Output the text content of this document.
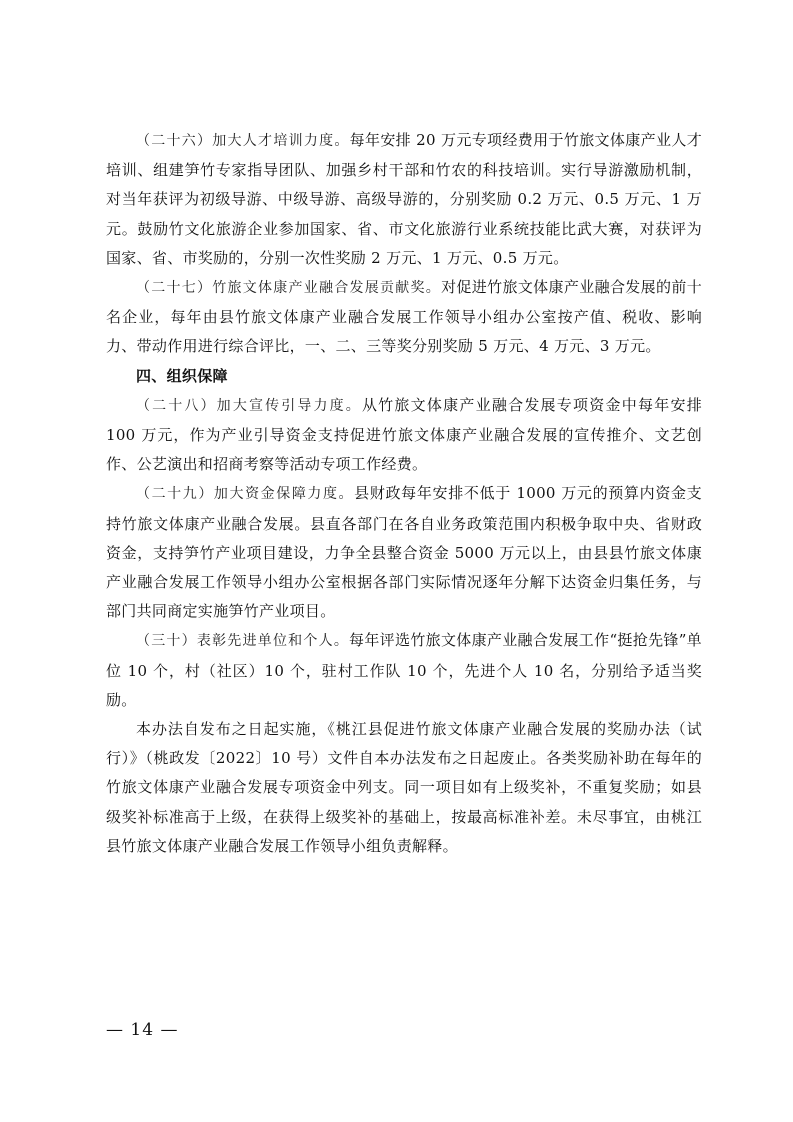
（二十六）加大人才培训力度。每年安排 20 万元专项经费用于竹旅文体康产业人才培训、组建笋竹专家指导团队、加强乡村干部和竹农的科技培训。实行导游激励机制，对当年获评为初级导游、中级导游、高级导游的，分别奖励 0.2 万元、0.5 万元、1 万元。鼓励竹文化旅游企业参加国家、省、市文化旅游行业系统技能比武大赛，对获评为国家、省、市奖励的，分别一次性奖励 2 万元、1 万元、0.5 万元。

（二十七）竹旅文体康产业融合发展贡献奖。对促进竹旅文体康产业融合发展的前十名企业，每年由县竹旅文体康产业融合发展工作领导小组办公室按产值、税收、影响力、带动作用进行综合评比，一、二、三等奖分别奖励 5 万元、4 万元、3 万元。

四、组织保障

（二十八）加大宣传引导力度。从竹旅文体康产业融合发展专项资金中每年安排 100 万元，作为产业引导资金支持促进竹旅文体康产业融合发展的宣传推介、文艺创作、公艺演出和招商考察等活动专项工作经费。

（二十九）加大资金保障力度。县财政每年安排不低于 1000 万元的预算内资金支持竹旅文体康产业融合发展。县直各部门在各自业务政策范围内积极争取中央、省财政资金，支持笋竹产业项目建设，力争全县整合资金 5000 万元以上，由县县竹旅文体康产业融合发展工作领导小组办公室根据各部门实际情况逐年分解下达资金归集任务，与部门共同商定实施笋竹产业项目。

（三十）表彰先进单位和个人。每年评选竹旅文体康产业融合发展工作“挺抢先锋”单位 10 个，村（社区）10 个，驻村工作队 10 个，先进个人 10 名，分别给予适当奖励。

本办法自发布之日起实施，《桃江县促进竹旅文体康产业融合发展的奖励办法（试行）》（桃政发〔2022〕10 号）文件自本办法发布之日起废止。各类奖励补助在每年的竹旅文体康产业融合发展专项资金中列支。同一项目如有上级奖补，不重复奖励；如县级奖补标准高于上级，在获得上级奖补的基础上，按最高标准补差。未尽事宜，由桃江县竹旅文体康产业融合发展工作领导小组负责解释。

— 14 —
